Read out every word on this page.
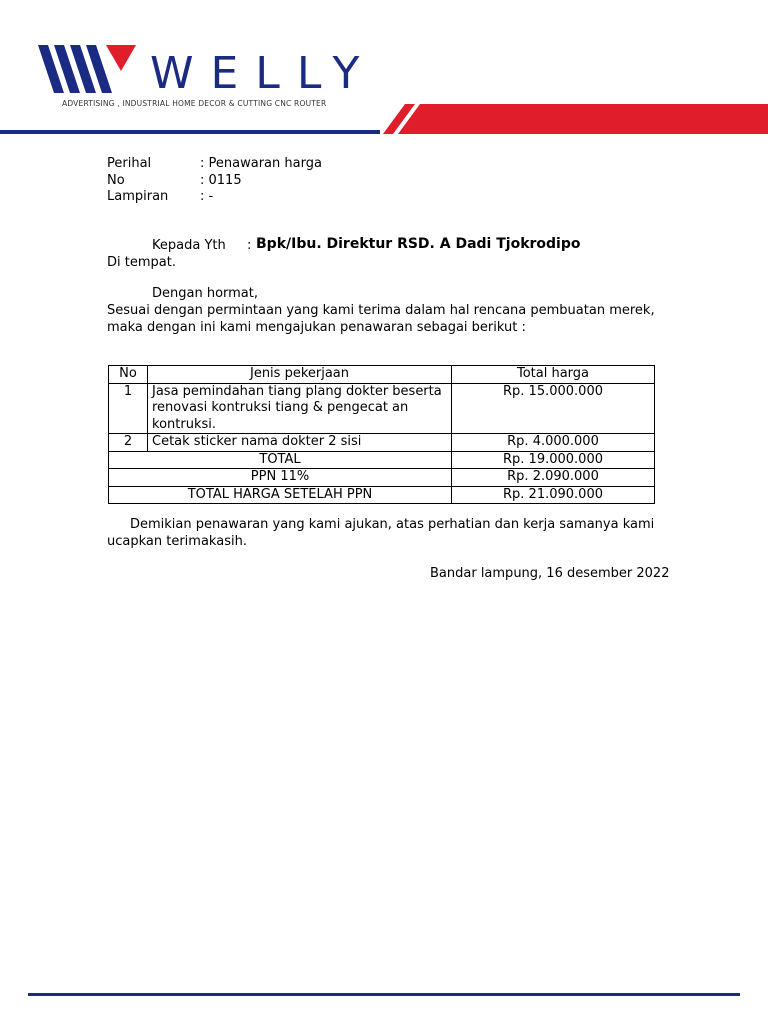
WELLY
ADVERTISING , INDUSTRIAL HOME DECOR & CUTTING CNC ROUTER
Perihal	: Penawaran harga
No	: 0115
Lampiran	: -
Kepada Yth : Bpk/Ibu. Direktur RSD. A Dadi Tjokrodipo
Di tempat.
Dengan hormat,
Sesuai dengan permintaan yang kami terima dalam hal rencana pembuatan merek,
maka dengan ini kami mengajukan penawaran sebagai berikut :
No	Jenis pekerjaan	Total harga
1	Jasa pemindahan tiang plang dokter beserta renovasi kontruksi tiang & pengecat an kontruksi.	Rp. 15.000.000
2	Cetak sticker nama dokter 2 sisi	Rp. 4.000.000
TOTAL		Rp. 19.000.000
PPN 11%		Rp. 2.090.000
TOTAL HARGA SETELAH PPN		Rp. 21.090.000
Demikian penawaran yang kami ajukan, atas perhatian dan kerja samanya kami
ucapkan terimakasih.
Bandar lampung, 16 desember 2022
